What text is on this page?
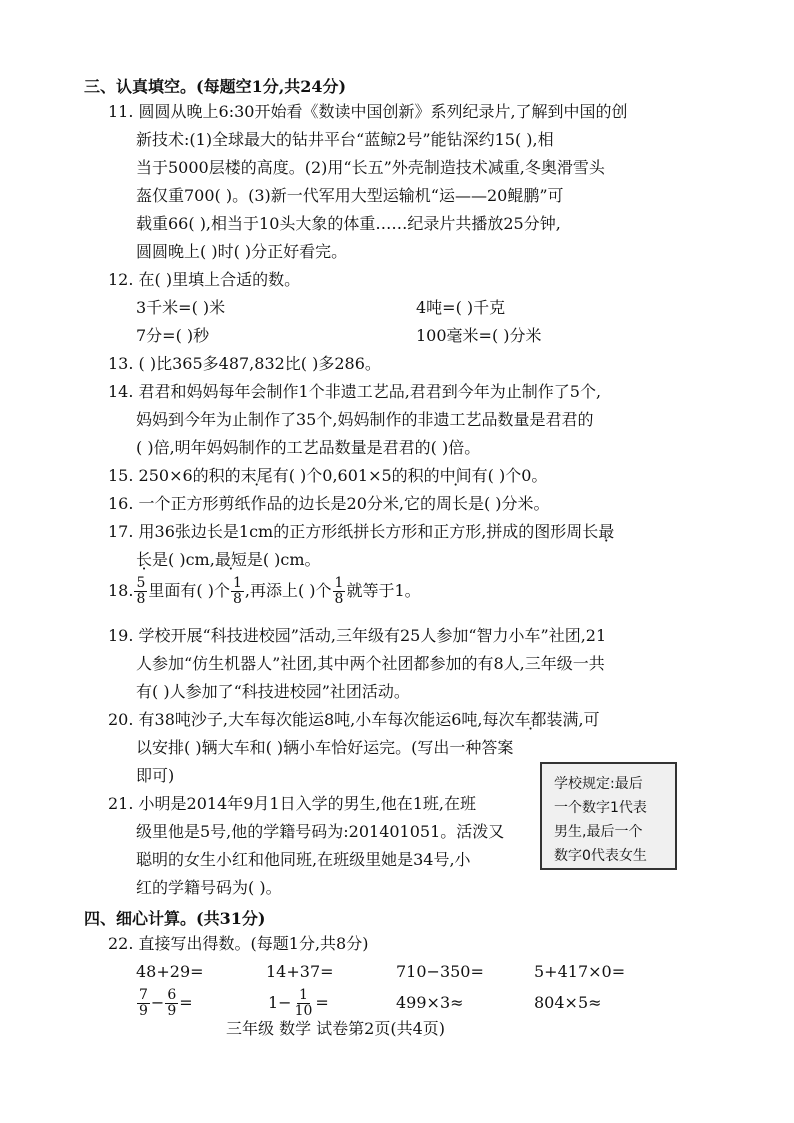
三、认真填空。(每题空1分,共24分)
11. 圆圆从晚上6:30开始看《数读中国创新》系列纪录片,了解到中国的创
新技术:(1)全球最大的钻井平台“蓝鲸2号”能钻深约15( ),相
当于5000层楼的高度。(2)用“长五”外壳制造技术减重,冬奥滑雪头
盔仅重700( )。(3)新一代军用大型运输机“运——20鲲鹏”可
载重66( ),相当于10头大象的体重……纪录片共播放25分钟,
圆圆晚上( )时( )分正好看完。
12. 在( )里填上合适的数。
3千米=( )米	4吨=( )千克
7分=( )秒	100毫米=( )分米
13. ( )比365多487,832比( )多286。
14. 君君和妈妈每年会制作1个非遗工艺品,君君到今年为止制作了5个,
妈妈到今年为止制作了35个,妈妈制作的非遗工艺品数量是君君的
( )倍,明年妈妈制作的工艺品数量是君君的( )倍。
15. 250×6的积的末尾有( )个0,601×5的积的中间有( )个0。
16. 一个正方形剪纸作品的边长是20分米,它的周长是( )分米。
17. 用36张边长是1cm的正方形纸拼长方形和正方形,拼成的图形周长最
长是( )cm,最短是( )cm。
18. $\frac{5}{8}$ 里面有( )个 $\frac{1}{8}$ ,再添上( )个 $\frac{1}{8}$ 就等于1。
19. 学校开展“科技进校园”活动,三年级有25人参加“智力小车”社团,21
人参加“仿生机器人”社团,其中两个社团都参加的有8人,三年级一共
有( )人参加了“科技进校园”社团活动。
20. 有38吨沙子,大车每次能运8吨,小车每次能运6吨,每次车都装满 ·,可
以安排( )辆大车和( )辆小车恰好运完。(写出一种答案
即可)
21. 小明是2014年9月1日入学的男生,他在1班,在班
级里他是5号,他的学籍号码为:201401051。活泼又
聪明的女生小红和他同班,在班级里她是34号,小
红的学籍号码为( )。
学校规定:最后
一个数字1代表
男生,最后一个
数字0代表女生
四、细心计算。(共31分)
22. 直接写出得数。(每题1分,共8分)
48+29=	14+37=	710−350=	5+417×0=
$\frac{7}{9} - \frac{6}{9}$ =	$1- \frac{1}{10}$ =	499×3≈	804×5≈
三年级 数学 试卷第2页(共4页)
